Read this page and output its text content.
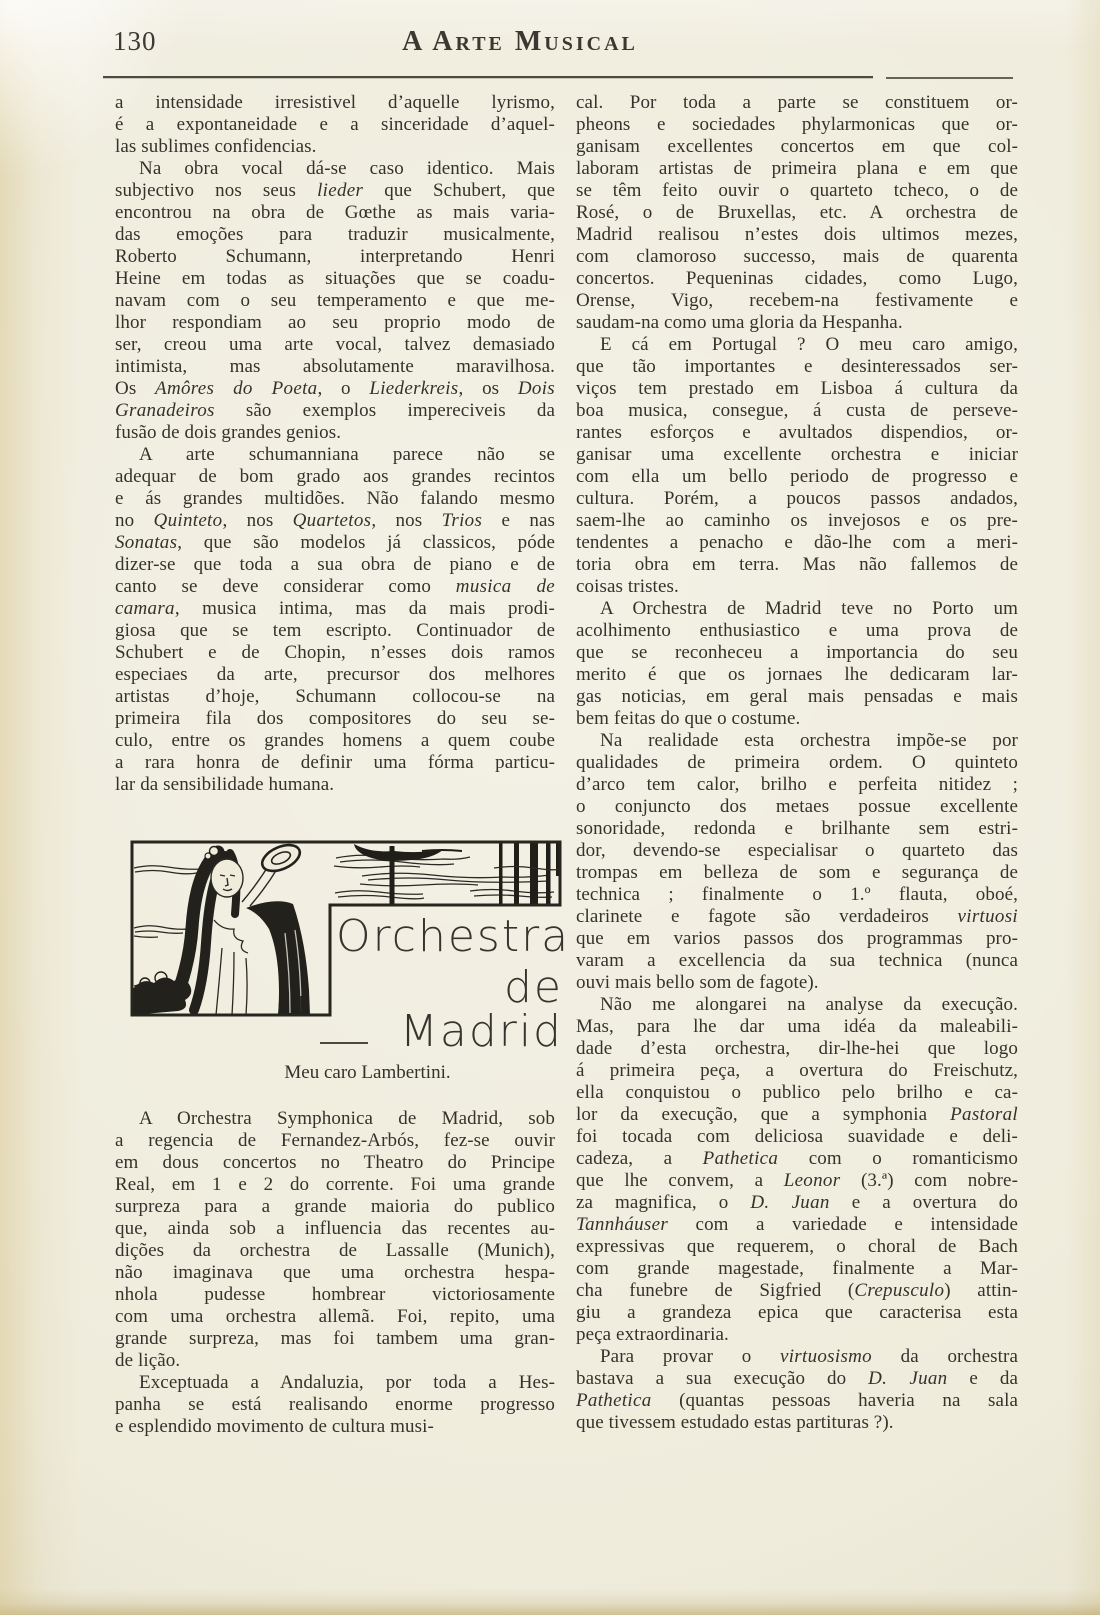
130	A Arte Musical
a intensidade irresistivel d’aquelle lyrismo,
é a expontaneidade e a sinceridade d’aquel-
las sublimes confidencias.
Na obra vocal dá-se caso identico. Mais
subjectivo nos seus lieder que Schubert, que
encontrou na obra de Gœthe as mais varia-
das emoções para traduzir musicalmente,
Roberto Schumann, interpretando Henri
Heine em todas as situações que se coadu-
navam com o seu temperamento e que me-
lhor respondiam ao seu proprio modo de
ser, creou uma arte vocal, talvez demasiado
intimista, mas absolutamente maravilhosa.
Os Amôres do Poeta, o Liederkreis, os Dois
Granadeiros são exemplos impereciveis da
fusão de dois grandes genios.
A arte schumanniana parece não se
adequar de bom grado aos grandes recintos
e ás grandes multidões. Não falando mesmo
no Quinteto, nos Quartetos, nos Trios e nas
Sonatas, que são modelos já classicos, póde
dizer-se que toda a sua obra de piano e de
canto se deve considerar como musica de
camara, musica intima, mas da mais prodi-
giosa que se tem escripto. Continuador de
Schubert e de Chopin, n’esses dois ramos
especiaes da arte, precursor dos melhores
artistas d’hoje, Schumann collocou-se na
primeira fila dos compositores do seu se-
culo, entre os grandes homens a quem coube
a rara honra de definir uma fórma particu-
lar da sensibilidade humana.
cal. Por toda a parte se constituem or-
pheons e sociedades phylarmonicas que or-
ganisam excellentes concertos em que col-
laboram artistas de primeira plana e em que
se têm feito ouvir o quarteto tcheco, o de
Rosé, o de Bruxellas, etc. A orchestra de
Madrid realisou n’estes dois ultimos mezes,
com clamoroso successo, mais de quarenta
concertos. Pequeninas cidades, como Lugo,
Orense, Vigo, recebem-na festivamente e
saudam-na como uma gloria da Hespanha.
E cá em Portugal ? O meu caro amigo,
que tão importantes e desinteressados ser-
viços tem prestado em Lisboa á cultura da
boa musica, consegue, á custa de perseve-
rantes esforços e avultados dispendios, or-
ganisar uma excellente orchestra e iniciar
com ella um bello periodo de progresso e
cultura. Porém, a poucos passos andados,
saem-lhe ao caminho os invejosos e os pre-
tendentes a penacho e dão-lhe com a meri-
toria obra em terra. Mas não fallemos de
coisas tristes.
A Orchestra de Madrid teve no Porto um
acolhimento enthusiastico e uma prova de
que se reconheceu a importancia do seu
merito é que os jornaes lhe dedicaram lar-
gas noticias, em geral mais pensadas e mais
bem feitas do que o costume.
Na realidade esta orchestra impõe-se por
qualidades de primeira ordem. O quinteto
d’arco tem calor, brilho e perfeita nitidez ;
o conjuncto dos metaes possue excellente
sonoridade, redonda e brilhante sem estri-
dor, devendo-se especialisar o quarteto das
trompas em belleza de som e segurança de
technica ; finalmente o 1.º flauta, oboé,
clarinete e fagote são verdadeiros virtuosi
que em varios passos dos programmas pro-
varam a excellencia da sua technica (nunca
ouvi mais bello som de fagote).
Não me alongarei na analyse da execução.
Mas, para lhe dar uma idéa da maleabili-
dade d’esta orchestra, dir-lhe-hei que logo
á primeira peça, a overtura do Freischutz,
ella conquistou o publico pelo brilho e ca-
lor da execução, que a symphonia Pastoral
foi tocada com deliciosa suavidade e deli-
cadeza, a Pathetica com o romanticismo
que lhe convem, a Leonor (3.ª) com nobre-
za magnifica, o D. Juan e a overtura do
Tannháuser com a variedade e intensidade
expressivas que requerem, o choral de Bach
com grande magestade, finalmente a Mar-
cha funebre de Sigfried (Crepusculo) attin-
giu a grandeza epica que caracterisa esta
peça extraordinaria.
Para provar o virtuosismo da orchestra
bastava a sua execução do D. Juan e da
Pathetica (quantas pessoas haveria na sala
que tivessem estudado estas partituras ?).
Orchestra
de Madrid
Meu caro Lambertini.
A Orchestra Symphonica de Madrid, sob
a regencia de Fernandez-Arbós, fez-se ouvir
em dous concertos no Theatro do Principe
Real, em 1 e 2 do corrente. Foi uma grande
surpreza para a grande maioria do publico
que, ainda sob a influencia das recentes au-
dições da orchestra de Lassalle (Munich),
não imaginava que uma orchestra hespa-
nhola pudesse hombrear victoriosamente
com uma orchestra allemã. Foi, repito, uma
grande surpreza, mas foi tambem uma gran-
de lição.
Exceptuada a Andaluzia, por toda a Hes-
panha se está realisando enorme progresso
e esplendido movimento de cultura musi-
